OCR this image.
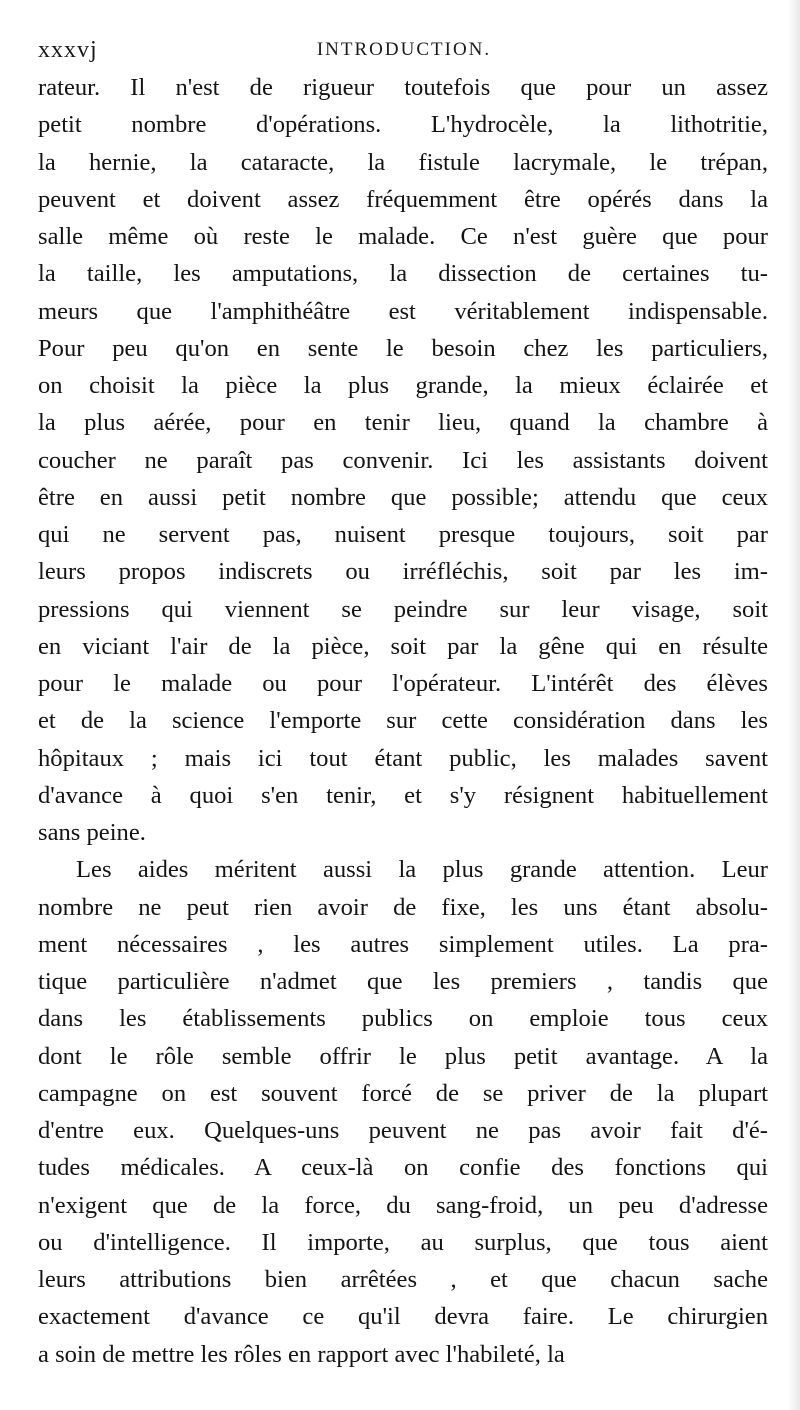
xxxvj	INTRODUCTION.
rateur. Il n'est de rigueur toutefois que pour un assez
petit nombre d'opérations. L'hydrocèle, la lithotritie,
la hernie, la cataracte, la fistule lacrymale, le trépan,
peuvent et doivent assez fréquemment être opérés dans la
salle même où reste le malade. Ce n'est guère que pour
la taille, les amputations, la dissection de certaines tu-
meurs que l'amphithéâtre est véritablement indispensable.
Pour peu qu'on en sente le besoin chez les particuliers,
on choisit la pièce la plus grande, la mieux éclairée et
la plus aérée, pour en tenir lieu, quand la chambre à
coucher ne paraît pas convenir. Ici les assistants doivent
être en aussi petit nombre que possible; attendu que ceux
qui ne servent pas, nuisent presque toujours, soit par
leurs propos indiscrets ou irréfléchis, soit par les im-
pressions qui viennent se peindre sur leur visage, soit
en viciant l'air de la pièce, soit par la gêne qui en résulte
pour le malade ou pour l'opérateur. L'intérêt des élèves
et de la science l'emporte sur cette considération dans les
hôpitaux ; mais ici tout étant public, les malades savent
d'avance à quoi s'en tenir, et s'y résignent habituellement
sans peine.
Les aides méritent aussi la plus grande attention. Leur
nombre ne peut rien avoir de fixe, les uns étant absolu-
ment nécessaires , les autres simplement utiles. La pra-
tique particulière n'admet que les premiers , tandis que
dans les établissements publics on emploie tous ceux
dont le rôle semble offrir le plus petit avantage. A la
campagne on est souvent forcé de se priver de la plupart
d'entre eux. Quelques-uns peuvent ne pas avoir fait d'é-
tudes médicales. A ceux-là on confie des fonctions qui
n'exigent que de la force, du sang-froid, un peu d'adresse
ou d'intelligence. Il importe, au surplus, que tous aient
leurs attributions bien arrêtées , et que chacun sache
exactement d'avance ce qu'il devra faire. Le chirurgien
a soin de mettre les rôles en rapport avec l'habileté, la
